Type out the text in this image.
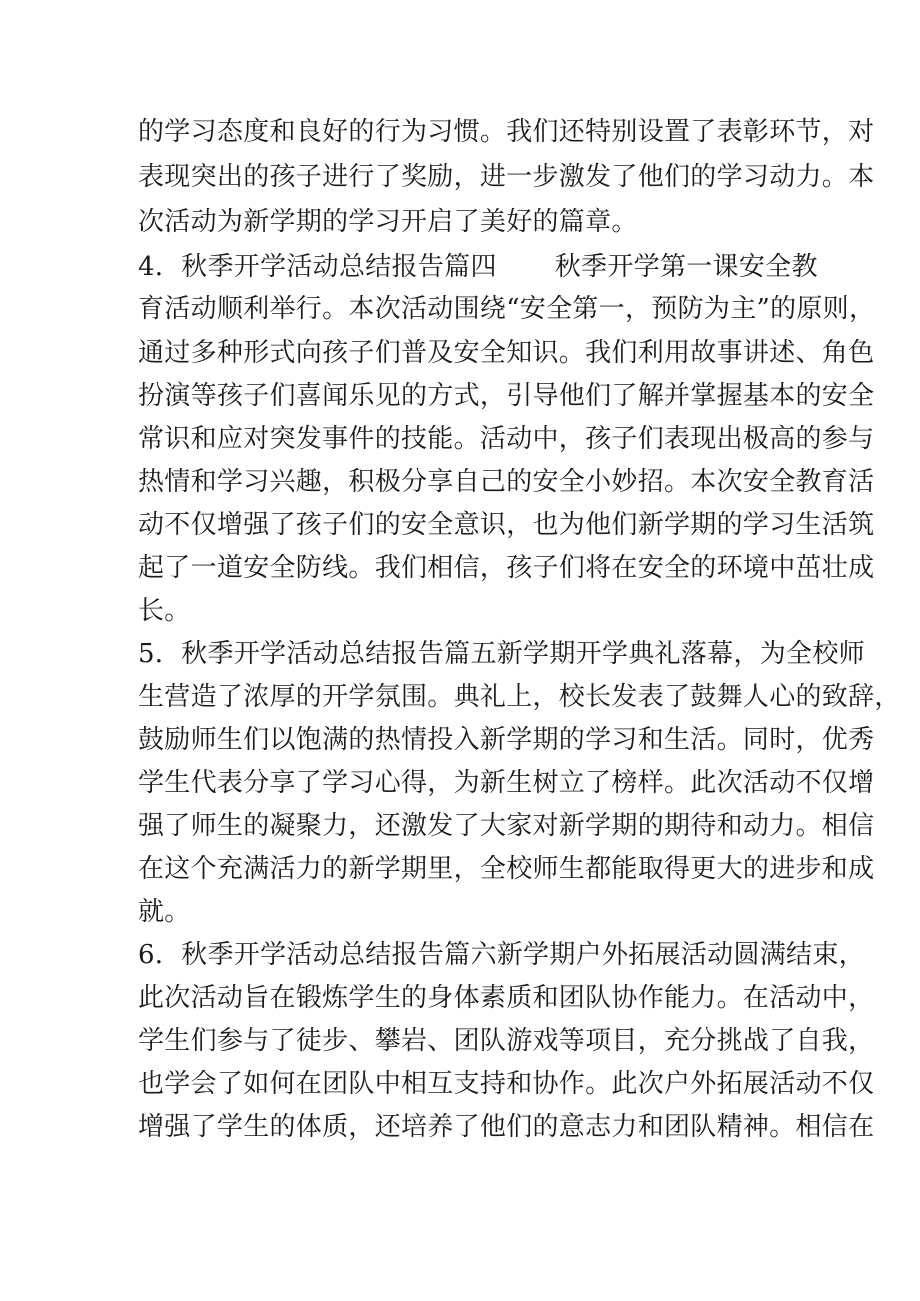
的学习态度和良好的行为习惯。我们还特别设置了表彰环节，对
表现突出的孩子进行了奖励，进一步激发了他们的学习动力。本
次活动为新学期的学习开启了美好的篇章。
4．秋季开学活动总结报告篇四 秋季开学第一课安全教
育活动顺利举行。本次活动围绕“安全第一，预防为主”的原则，
通过多种形式向孩子们普及安全知识。我们利用故事讲述、角色
扮演等孩子们喜闻乐见的方式，引导他们了解并掌握基本的安全
常识和应对突发事件的技能。活动中，孩子们表现出极高的参与
热情和学习兴趣，积极分享自己的安全小妙招。本次安全教育活
动不仅增强了孩子们的安全意识，也为他们新学期的学习生活筑
起了一道安全防线。我们相信，孩子们将在安全的环境中茁壮成
长。
5．秋季开学活动总结报告篇五新学期开学典礼落幕，为全校师
生营造了浓厚的开学氛围。典礼上，校长发表了鼓舞人心的致辞，
鼓励师生们以饱满的热情投入新学期的学习和生活。同时，优秀
学生代表分享了学习心得，为新生树立了榜样。此次活动不仅增
强了师生的凝聚力，还激发了大家对新学期的期待和动力。相信
在这个充满活力的新学期里，全校师生都能取得更大的进步和成
就。
6．秋季开学活动总结报告篇六新学期户外拓展活动圆满结束，
此次活动旨在锻炼学生的身体素质和团队协作能力。在活动中，
学生们参与了徒步、攀岩、团队游戏等项目，充分挑战了自我，
也学会了如何在团队中相互支持和协作。此次户外拓展活动不仅
增强了学生的体质，还培养了他们的意志力和团队精神。相信在
